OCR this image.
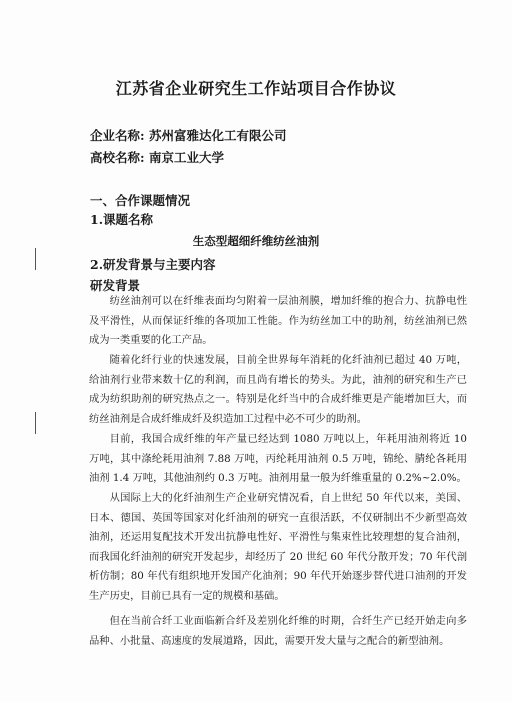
江苏省企业研究生工作站项目合作协议
企业名称: 苏州富雅达化工有限公司
高校名称: 南京工业大学
一、合作课题情况
1.课题名称
生态型超细纤维纺丝油剂
2.研发背景与主要内容
研发背景

纺丝油剂可以在纤维表面均匀附着一层油剂膜，增加纤维的抱合力、抗静电性及平滑性，从而保证纤维的各项加工性能。作为纺丝加工中的助剂，纺丝油剂已然成为一类重要的化工产品。

随着化纤行业的快速发展，目前全世界每年消耗的化纤油剂已超过 40 万吨，给油剂行业带来数十亿的利润，而且尚有增长的势头。为此，油剂的研究和生产已成为纺织助剂的研究热点之一。特别是化纤当中的合成纤维更是产能增加巨大，而纺丝油剂是合成纤维成纤及织造加工过程中必不可少的助剂。

目前，我国合成纤维的年产量已经达到 1080 万吨以上，年耗用油剂将近 10 万吨，其中涤纶耗用油剂 7.88 万吨，丙纶耗用油剂 0.5 万吨，锦纶、腈纶各耗用油剂 1.4 万吨，其他油剂约 0.3 万吨。油剂用量一般为纤维重量的 0.2%~2.0%。

从国际上大的化纤油剂生产企业研究情况看，自上世纪 50 年代以来，美国、日本、德国、英国等国家对化纤油剂的研究一直很活跃，不仅研制出不少新型高效油剂，还运用复配技术开发出抗静电性好、平滑性与集束性比较理想的复合油剂，而我国化纤油剂的研究开发起步，却经历了 20 世纪 60 年代分散开发；70 年代剖析仿制；80 年代有组织地开发国产化油剂；90 年代开始逐步替代进口油剂的开发生产历史，目前已具有一定的规模和基础。

但在当前合纤工业面临新合纤及差别化纤维的时期，合纤生产已经开始走向多品种、小批量、高速度的发展道路，因此，需要开发大量与之配合的新型油剂。
